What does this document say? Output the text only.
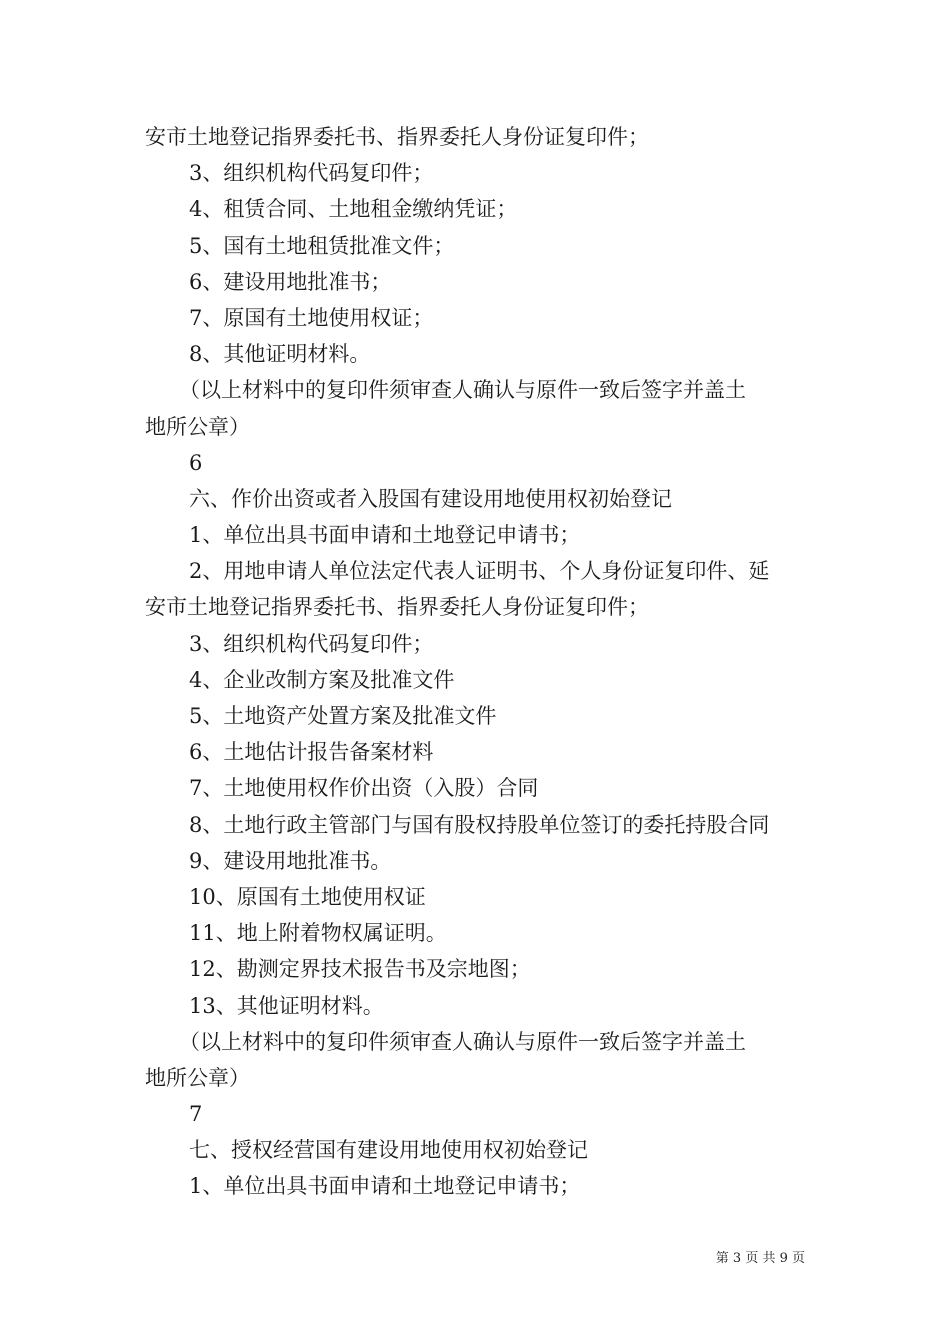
安市土地登记指界委托书、指界委托人身份证复印件；
3、组织机构代码复印件；
4、租赁合同、土地租金缴纳凭证；
5、国有土地租赁批准文件；
6、建设用地批准书；
7、原国有土地使用权证；
8、其他证明材料。
（以上材料中的复印件须审查人确认与原件一致后签字并盖土
地所公章）
6
六、作价出资或者入股国有建设用地使用权初始登记
1、单位出具书面申请和土地登记申请书；
2、用地申请人单位法定代表人证明书、个人身份证复印件、延
安市土地登记指界委托书、指界委托人身份证复印件；
3、组织机构代码复印件；
4、企业改制方案及批准文件
5、土地资产处置方案及批准文件
6、土地估计报告备案材料
7、土地使用权作价出资（入股）合同
8、土地行政主管部门与国有股权持股单位签订的委托持股合同
9、建设用地批准书。
10、原国有土地使用权证
11、地上附着物权属证明。
12、勘测定界技术报告书及宗地图；
13、其他证明材料。
（以上材料中的复印件须审查人确认与原件一致后签字并盖土
地所公章）
7
七、授权经营国有建设用地使用权初始登记
1、单位出具书面申请和土地登记申请书；
第 3 页 共 9 页
